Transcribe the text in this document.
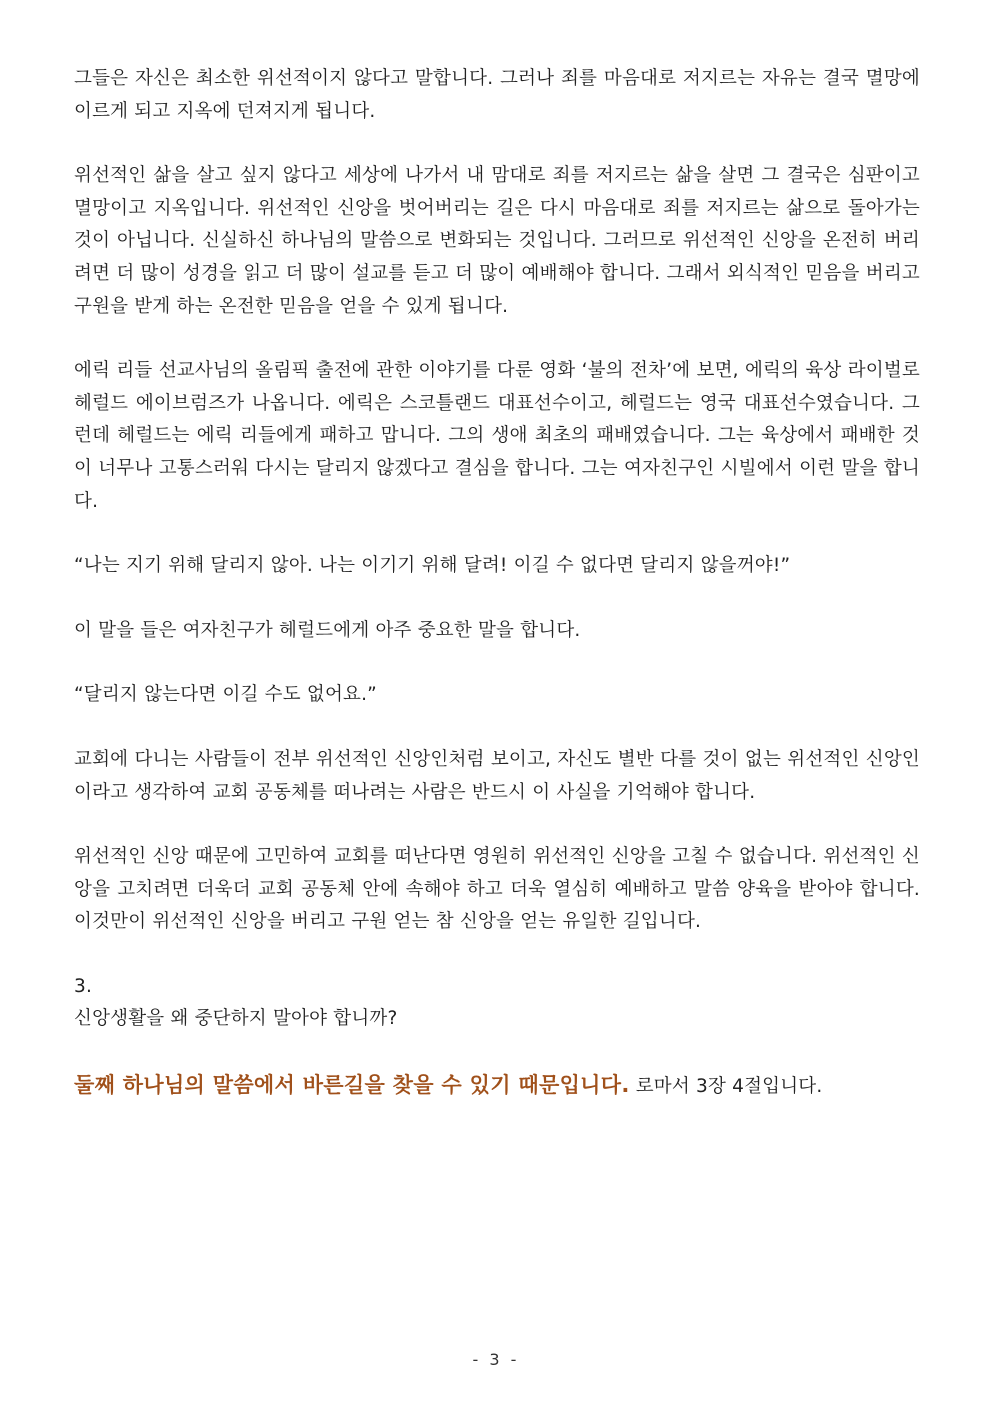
그들은 자신은 최소한 위선적이지 않다고 말합니다. 그러나 죄를 마음대로 저지르는 자유는 결국 멸망에 이르게 되고 지옥에 던져지게 됩니다.

위선적인 삶을 살고 싶지 않다고 세상에 나가서 내 맘대로 죄를 저지르는 삶을 살면 그 결국은 심판이고 멸망이고 지옥입니다. 위선적인 신앙을 벗어버리는 길은 다시 마음대로 죄를 저지르는 삶으로 돌아가는 것이 아닙니다. 신실하신 하나님의 말씀으로 변화되는 것입니다. 그러므로 위선적인 신앙을 온전히 버리려면 더 많이 성경을 읽고 더 많이 설교를 듣고 더 많이 예배해야 합니다. 그래서 외식적인 믿음을 버리고 구원을 받게 하는 온전한 믿음을 얻을 수 있게 됩니다.

에릭 리들 선교사님의 올림픽 출전에 관한 이야기를 다룬 영화 ‘불의 전차’에 보면, 에릭의 육상 라이벌로 헤럴드 에이브럼즈가 나옵니다. 에릭은 스코틀랜드 대표선수이고, 헤럴드는 영국 대표선수였습니다. 그런데 헤럴드는 에릭 리들에게 패하고 맙니다. 그의 생애 최초의 패배였습니다. 그는 육상에서 패배한 것이 너무나 고통스러워 다시는 달리지 않겠다고 결심을 합니다. 그는 여자친구인 시빌에서 이런 말을 합니다.

“나는 지기 위해 달리지 않아. 나는 이기기 위해 달려! 이길 수 없다면 달리지 않을꺼야!”

이 말을 들은 여자친구가 헤럴드에게 아주 중요한 말을 합니다.

“달리지 않는다면 이길 수도 없어요.”

교회에 다니는 사람들이 전부 위선적인 신앙인처럼 보이고, 자신도 별반 다를 것이 없는 위선적인 신앙인이라고 생각하여 교회 공동체를 떠나려는 사람은 반드시 이 사실을 기억해야 합니다.

위선적인 신앙 때문에 고민하여 교회를 떠난다면 영원히 위선적인 신앙을 고칠 수 없습니다. 위선적인 신앙을 고치려면 더욱더 교회 공동체 안에 속해야 하고 더욱 열심히 예배하고 말씀 양육을 받아야 합니다. 이것만이 위선적인 신앙을 버리고 구원 얻는 참 신앙을 얻는 유일한 길입니다.

3.

신앙생활을 왜 중단하지 말아야 합니까?

둘째 하나님의 말씀에서 바른길을 찾을 수 있기 때문입니다. 로마서 3장 4절입니다.

- 3 -
